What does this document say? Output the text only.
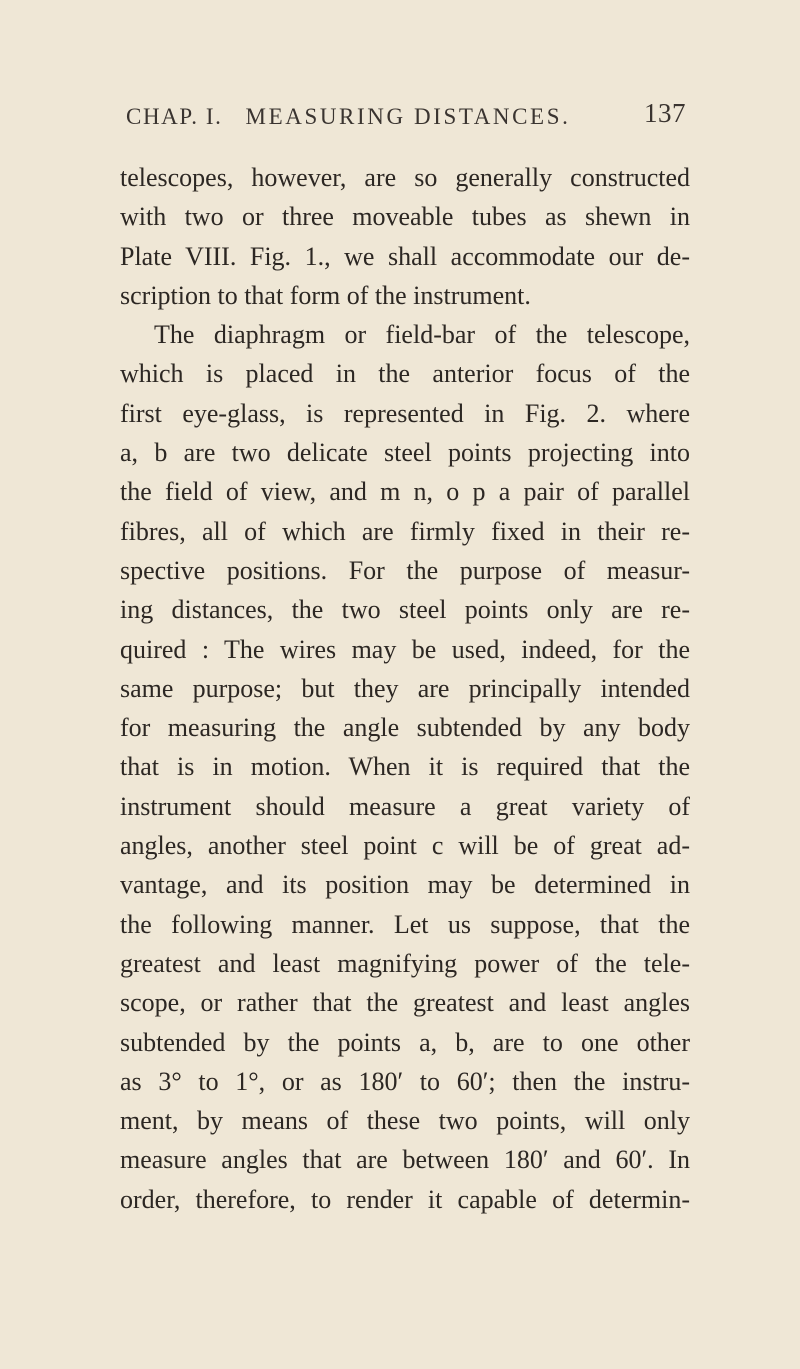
CHAP. I.	MEASURING DISTANCES.	137
telescopes, however, are so generally constructed
with two or three moveable tubes as shewn in
Plate VIII. Fig. 1., we shall accommodate our de-
scription to that form of the instrument.
The diaphragm or field-bar of the telescope,
which is placed in the anterior focus of the
first eye-glass, is represented in Fig. 2. where
a, b are two delicate steel points projecting into
the field of view, and m n, o p a pair of parallel
fibres, all of which are firmly fixed in their re-
spective positions. For the purpose of measur-
ing distances, the two steel points only are re-
quired : The wires may be used, indeed, for the
same purpose; but they are principally intended
for measuring the angle subtended by any body
that is in motion. When it is required that the
instrument should measure a great variety of
angles, another steel point c will be of great ad-
vantage, and its position may be determined in
the following manner. Let us suppose, that the
greatest and least magnifying power of the tele-
scope, or rather that the greatest and least angles
subtended by the points a, b, are to one other
as 3° to 1°, or as 180′ to 60′; then the instru-
ment, by means of these two points, will only
measure angles that are between 180′ and 60′. In
order, therefore, to render it capable of determin-
